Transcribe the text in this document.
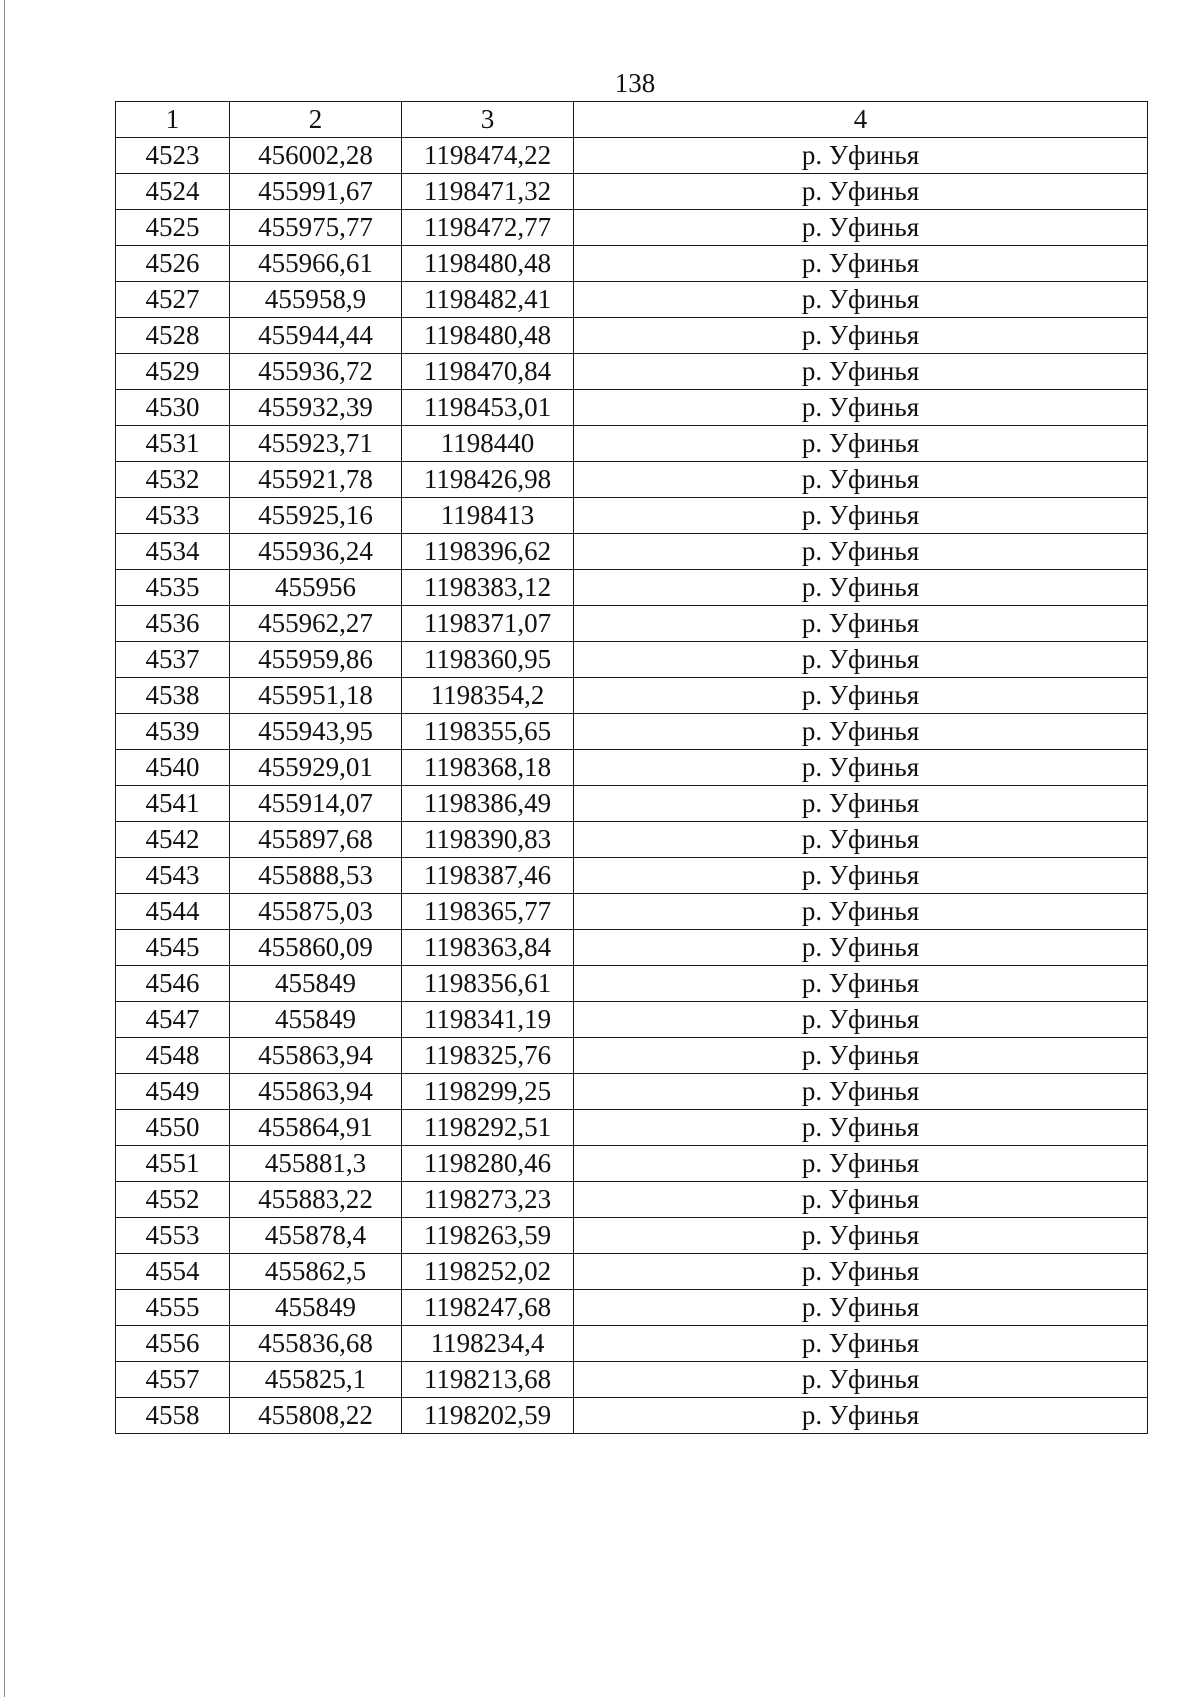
138
1	2	3	4
4523	456002,28	1198474,22	р. Уфинья
4524	455991,67	1198471,32	р. Уфинья
4525	455975,77	1198472,77	р. Уфинья
4526	455966,61	1198480,48	р. Уфинья
4527	455958,9	1198482,41	р. Уфинья
4528	455944,44	1198480,48	р. Уфинья
4529	455936,72	1198470,84	р. Уфинья
4530	455932,39	1198453,01	р. Уфинья
4531	455923,71	1198440	р. Уфинья
4532	455921,78	1198426,98	р. Уфинья
4533	455925,16	1198413	р. Уфинья
4534	455936,24	1198396,62	р. Уфинья
4535	455956	1198383,12	р. Уфинья
4536	455962,27	1198371,07	р. Уфинья
4537	455959,86	1198360,95	р. Уфинья
4538	455951,18	1198354,2	р. Уфинья
4539	455943,95	1198355,65	р. Уфинья
4540	455929,01	1198368,18	р. Уфинья
4541	455914,07	1198386,49	р. Уфинья
4542	455897,68	1198390,83	р. Уфинья
4543	455888,53	1198387,46	р. Уфинья
4544	455875,03	1198365,77	р. Уфинья
4545	455860,09	1198363,84	р. Уфинья
4546	455849	1198356,61	р. Уфинья
4547	455849	1198341,19	р. Уфинья
4548	455863,94	1198325,76	р. Уфинья
4549	455863,94	1198299,25	р. Уфинья
4550	455864,91	1198292,51	р. Уфинья
4551	455881,3	1198280,46	р. Уфинья
4552	455883,22	1198273,23	р. Уфинья
4553	455878,4	1198263,59	р. Уфинья
4554	455862,5	1198252,02	р. Уфинья
4555	455849	1198247,68	р. Уфинья
4556	455836,68	1198234,4	р. Уфинья
4557	455825,1	1198213,68	р. Уфинья
4558	455808,22	1198202,59	р. Уфинья
